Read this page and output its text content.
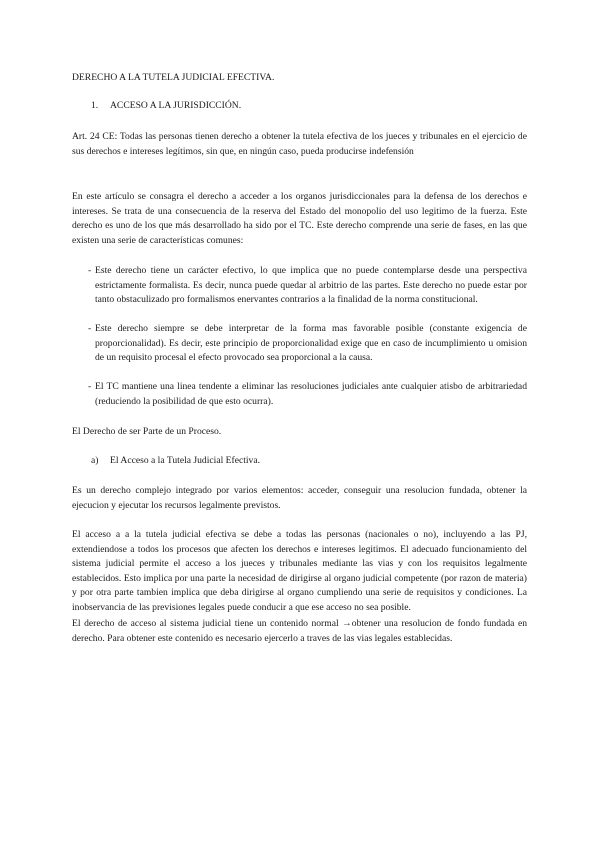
DERECHO A LA TUTELA JUDICIAL EFECTIVA.

1. ACCESO A LA JURISDICCIÓN.

Art. 24 CE: Todas las personas tienen derecho a obtener la tutela efectiva de los jueces y tribunales en el ejercicio de sus derechos e intereses legítimos, sin que, en ningún caso, pueda producirse indefensión

En este artículo se consagra el derecho a acceder a los organos jurisdiccionales para la defensa de los derechos e intereses. Se trata de una consecuencia de la reserva del Estado del monopolio del uso legitimo de la fuerza. Este derecho es uno de los que más desarrollado ha sido por el TC. Este derecho comprende una serie de fases, en las que existen una serie de características comunes:

- Este derecho tiene un carácter efectivo, lo que implica que no puede contemplarse desde una perspectiva estrictamente formalista. Es decir, nunca puede quedar al arbitrio de las partes. Este derecho no puede estar por tanto obstaculizado pro formalismos enervantes contrarios a la finalidad de la norma constitucional.
- Este derecho siempre se debe interpretar de la forma mas favorable posible (constante exigencia de proporcionalidad). Es decir, este principio de proporcionalidad exige que en caso de incumplimiento u omision de un requisito procesal el efecto provocado sea proporcional a la causa.
- El TC mantiene una linea tendente a eliminar las resoluciones judiciales ante cualquier atisbo de arbitrariedad (reduciendo la posibilidad de que esto ocurra).

El Derecho de ser Parte de un Proceso.

a) El Acceso a la Tutela Judicial Efectiva.

Es un derecho complejo integrado por varios elementos: acceder, conseguir una resolucion fundada, obtener la ejecucion y ejecutar los recursos legalmente previstos.

El acceso a a la tutela judicial efectiva se debe a todas las personas (nacionales o no), incluyendo a las PJ, extendiendose a todos los procesos que afecten los derechos e intereses legitimos. El adecuado funcionamiento del sistema judicial permite el acceso a los jueces y tribunales mediante las vias y con los requisitos legalmente establecidos. Esto implica por una parte la necesidad de dirigirse al organo judicial competente (por razon de materia) y por otra parte tambien implica que deba dirigirse al organo cumpliendo una serie de requisitos y condiciones. La inobservancia de las previsiones legales puede conducir a que ese acceso no sea posible.

El derecho de acceso al sistema judicial tiene un contenido normal →obtener una resolucion de fondo fundada en derecho. Para obtener este contenido es necesario ejercerlo a traves de las vias legales establecidas.
